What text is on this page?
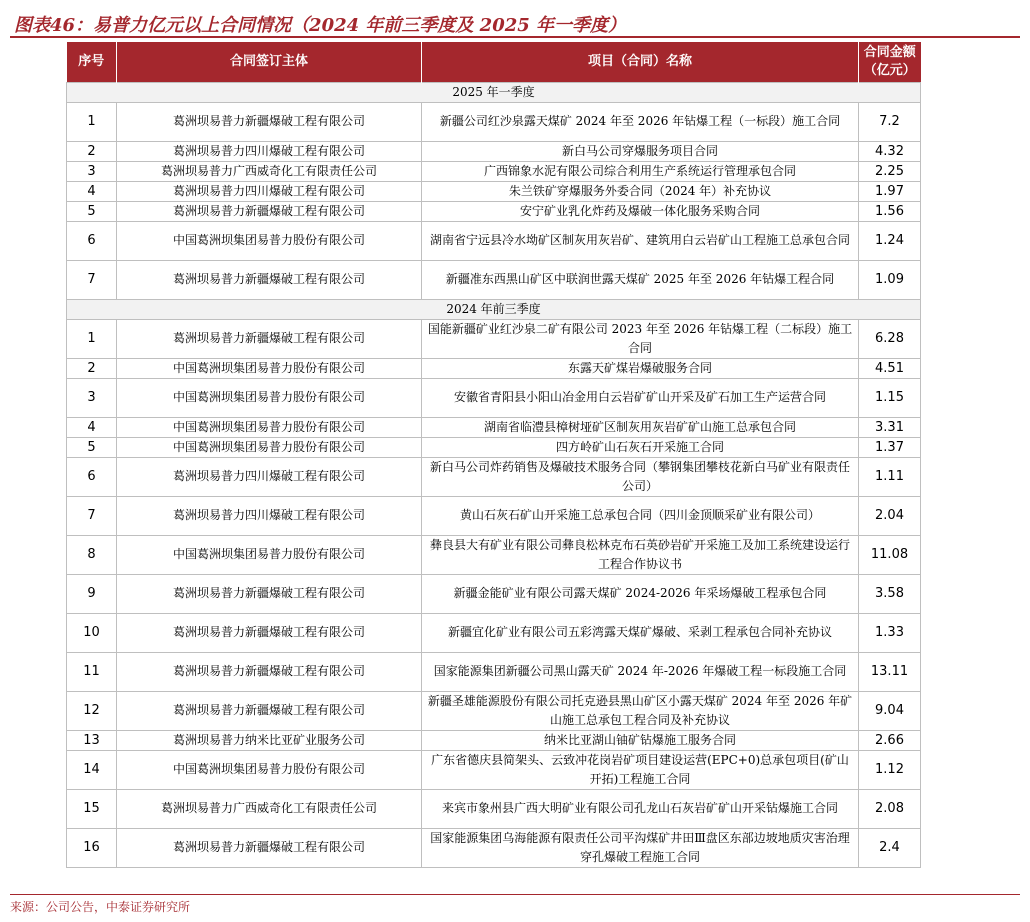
图表46：易普力亿元以上合同情况（2024 年前三季度及 2025 年一季度）
序号	合同签订主体	项目（合同）名称	合同金额（亿元）
2025 年一季度			
1	葛洲坝易普力新疆爆破工程有限公司	新疆公司红沙泉露天煤矿 2024 年至 2026 年钻爆工程（一标段）施工合同	7.2
2	葛洲坝易普力四川爆破工程有限公司	新白马公司穿爆服务项目合同	4.32
3	葛洲坝易普力广西威奇化工有限责任公司	广西锦象水泥有限公司综合利用生产系统运行管理承包合同	2.25
4	葛洲坝易普力四川爆破工程有限公司	朱兰铁矿穿爆服务外委合同（2024 年）补充协议	1.97
5	葛洲坝易普力新疆爆破工程有限公司	安宁矿业乳化炸药及爆破一体化服务采购合同	1.56
6	中国葛洲坝集团易普力股份有限公司	湖南省宁远县冷水坳矿区制灰用灰岩矿、建筑用白云岩矿山工程施工总承包合同	1.24
7	葛洲坝易普力新疆爆破工程有限公司	新疆准东西黑山矿区中联润世露天煤矿 2025 年至 2026 年钻爆工程合同	1.09
2024 年前三季度			
1	葛洲坝易普力新疆爆破工程有限公司	国能新疆矿业红沙泉二矿有限公司 2023 年至 2026 年钻爆工程（二标段）施工合同	6.28
2	中国葛洲坝集团易普力股份有限公司	东露天矿煤岩爆破服务合同	4.51
3	中国葛洲坝集团易普力股份有限公司	安徽省青阳县小阳山冶金用白云岩矿矿山开采及矿石加工生产运营合同	1.15
4	中国葛洲坝集团易普力股份有限公司	湖南省临澧县樟树垭矿区制灰用灰岩矿矿山施工总承包合同	3.31
5	中国葛洲坝集团易普力股份有限公司	四方岭矿山石灰石开采施工合同	1.37
6	葛洲坝易普力四川爆破工程有限公司	新白马公司炸药销售及爆破技术服务合同（攀钢集团攀枝花新白马矿业有限责任公司）	1.11
7	葛洲坝易普力四川爆破工程有限公司	黄山石灰石矿山开采施工总承包合同（四川金顶顺采矿业有限公司）	2.04
8	中国葛洲坝集团易普力股份有限公司	彝良县大有矿业有限公司彝良松林克布石英砂岩矿开采施工及加工系统建设运行工程合作协议书	11.08
9	葛洲坝易普力新疆爆破工程有限公司	新疆金能矿业有限公司露天煤矿 2024-2026 年采场爆破工程承包合同	3.58
10	葛洲坝易普力新疆爆破工程有限公司	新疆宜化矿业有限公司五彩湾露天煤矿爆破、采剥工程承包合同补充协议	1.33
11	葛洲坝易普力新疆爆破工程有限公司	国家能源集团新疆公司黑山露天矿 2024 年-2026 年爆破工程一标段施工合同	13.11
12	葛洲坝易普力新疆爆破工程有限公司	新疆圣雄能源股份有限公司托克逊县黑山矿区小露天煤矿 2024 年至 2026 年矿山施工总承包工程合同及补充协议	9.04
13	葛洲坝易普力纳米比亚矿业服务公司	纳米比亚湖山铀矿钻爆施工服务合同	2.66
14	中国葛洲坝集团易普力股份有限公司	广东省德庆县简架头、云致冲花岗岩矿项目建设运营(EPC+0)总承包项目(矿山开拓)工程施工合同	1.12
15	葛洲坝易普力广西威奇化工有限责任公司	来宾市象州县广西大明矿业有限公司孔龙山石灰岩矿矿山开采钻爆施工合同	2.08
16	葛洲坝易普力新疆爆破工程有限公司	国家能源集团乌海能源有限责任公司平沟煤矿井田Ⅲ盘区东部边坡地质灾害治理穿孔爆破工程施工合同	2.4
来源：公司公告，中泰证券研究所
